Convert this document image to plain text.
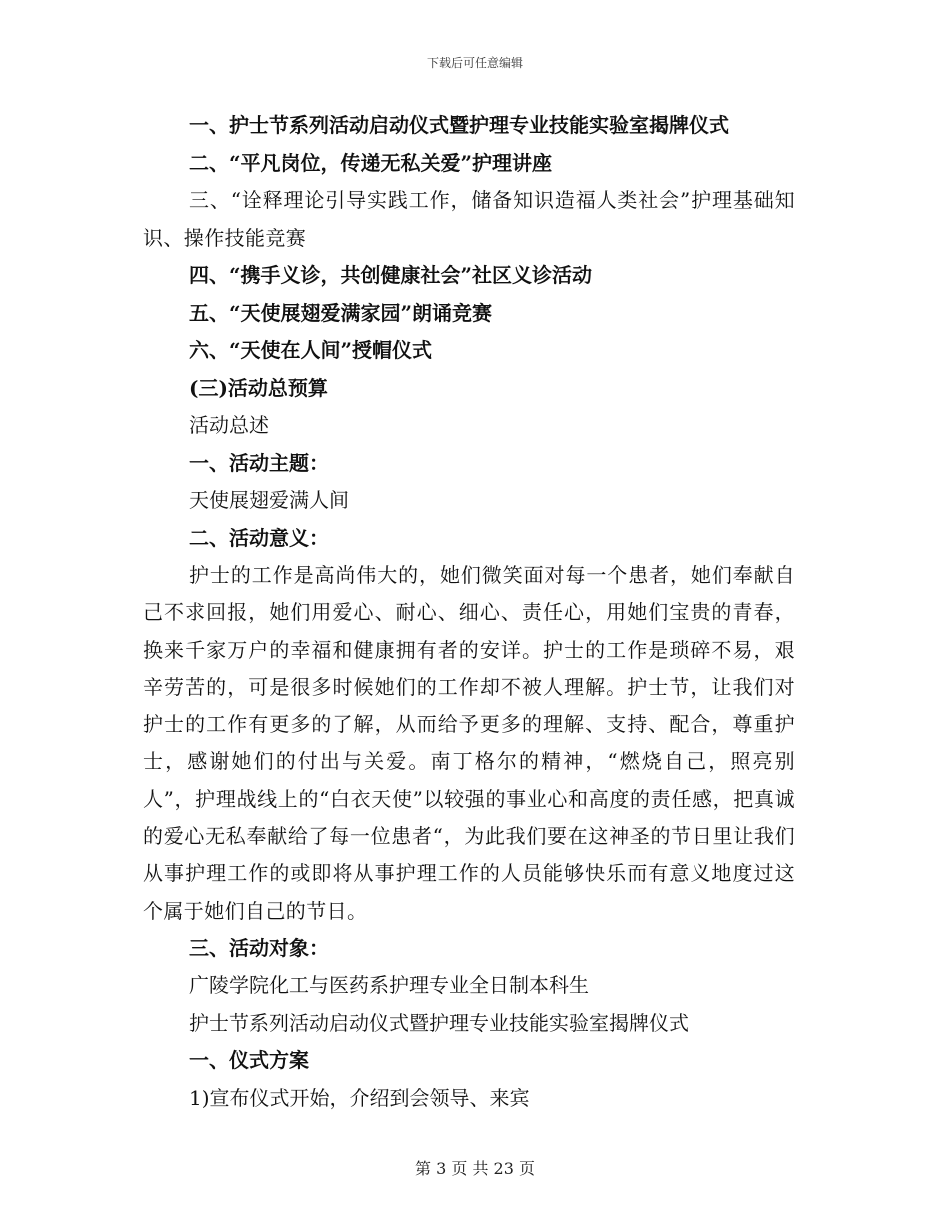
下载后可任意编辑
一、护士节系列活动启动仪式暨护理专业技能实验室揭牌仪式
二、“平凡岗位，传递无私关爱”护理讲座

三、“诠释理论引导实践工作，储备知识造福人类社会”护理基础知识、操作技能竞赛

四、“携手义诊，共创健康社会”社区义诊活动
五、“天使展翅爱满家园”朗诵竞赛
六、“天使在人间”授帽仪式
(三)活动总预算
活动总述
一、活动主题：
天使展翅爱满人间
二、活动意义：

护士的工作是高尚伟大的，她们微笑面对每一个患者，她们奉献自己不求回报，她们用爱心、耐心、细心、责任心，用她们宝贵的青春，换来千家万户的幸福和健康拥有者的安详。护士的工作是琐碎不易，艰辛劳苦的，可是很多时候她们的工作却不被人理解。护士节，让我们对护士的工作有更多的了解，从而给予更多的理解、支持、配合，尊重护士，感谢她们的付出与关爱。南丁格尔的精神，“燃烧自己，照亮别人”，护理战线上的“白衣天使”以较强的事业心和高度的责任感，把真诚的爱心无私奉献给了每一位患者“，为此我们要在这神圣的节日里让我们从事护理工作的或即将从事护理工作的人员能够快乐而有意义地度过这个属于她们自己的节日。

三、活动对象：
广陵学院化工与医药系护理专业全日制本科生
护士节系列活动启动仪式暨护理专业技能实验室揭牌仪式
一、仪式方案
1)宣布仪式开始，介绍到会领导、来宾
第 3 页 共 23 页
